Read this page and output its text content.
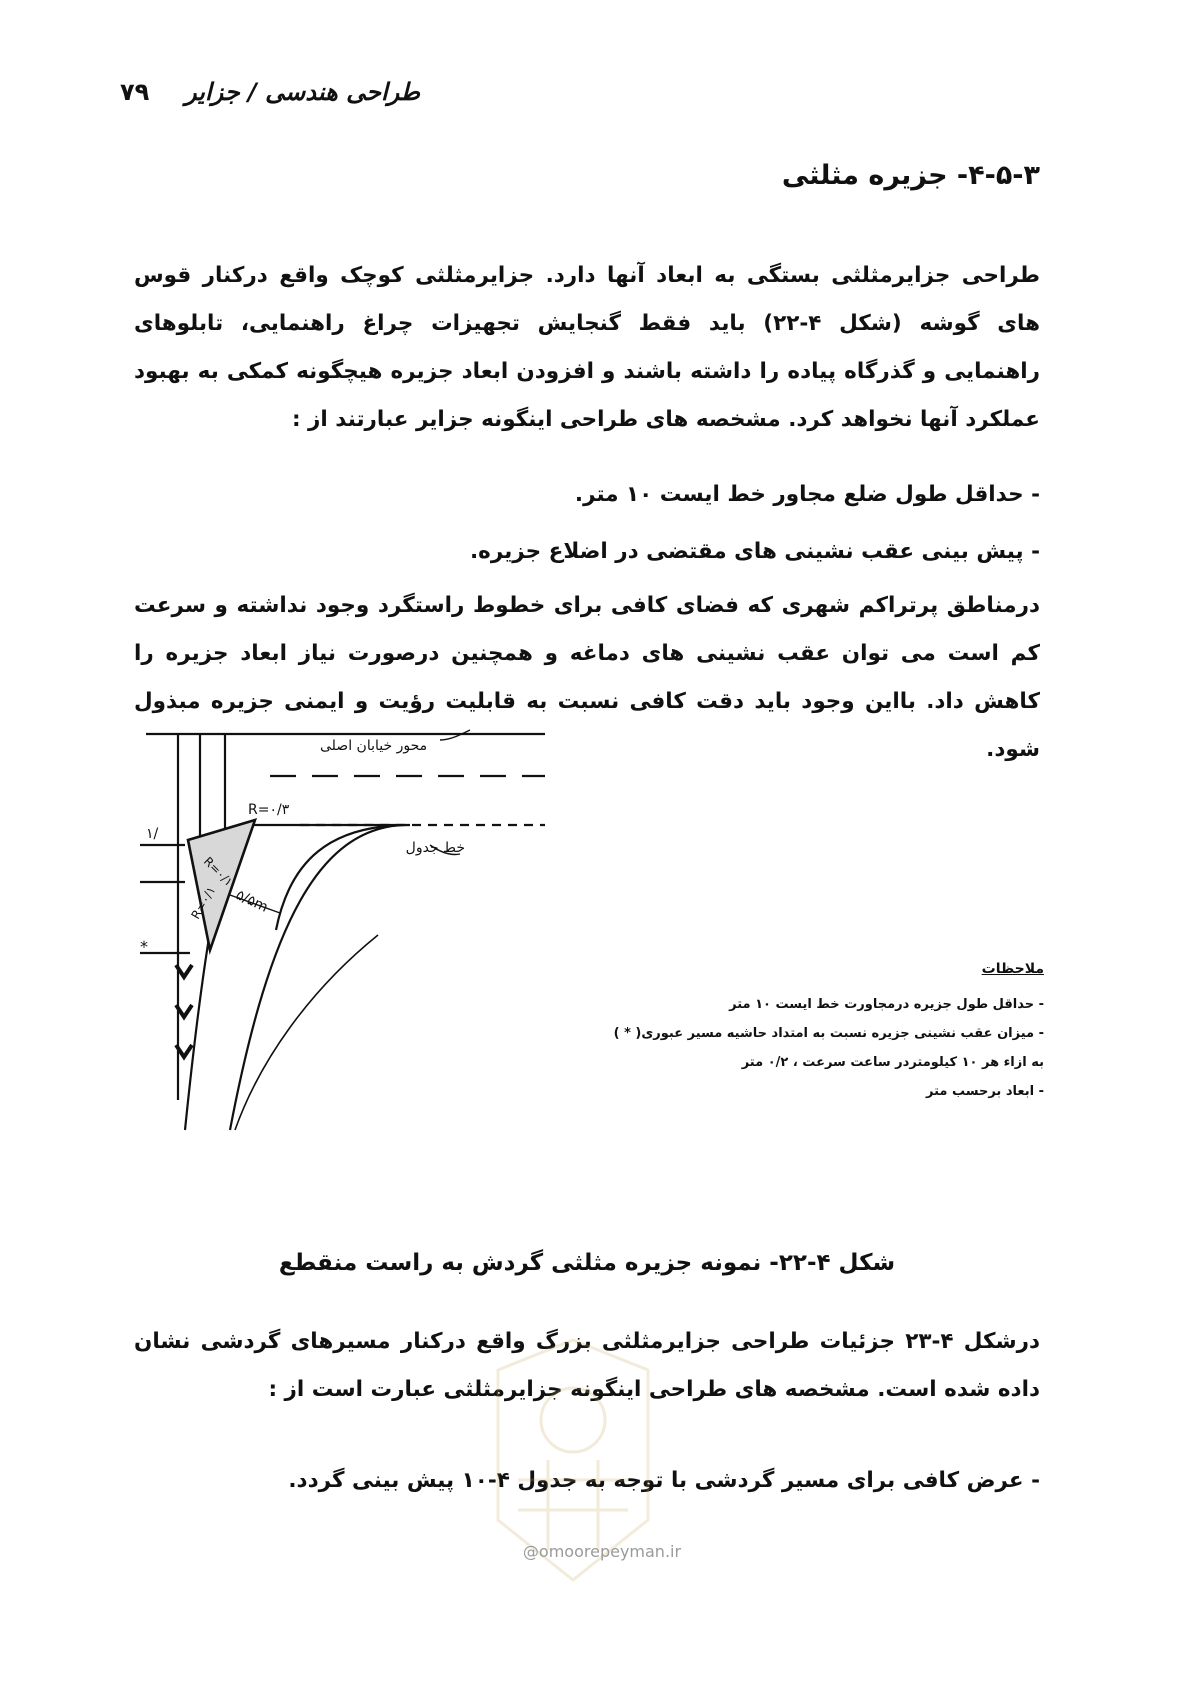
۷۹ طراحی هندسی / جزایر
۴-۵-۳- جزیره مثلثی
طراحی جزایرمثلثی بستگی به ابعاد آنها دارد. جزایرمثلثی کوچک واقع درکنار قوس های گوشه (شکل ۴-۲۲) باید فقط گنجایش تجهیزات چراغ راهنمایی، تابلوهای راهنمایی و گذرگاه پیاده را داشته باشند و افزودن ابعاد جزیره هیچگونه کمکی به بهبود عملکرد آنها نخواهد کرد. مشخصه های طراحی اینگونه جزایر عبارتند از :
- حداقل طول ضلع مجاور خط ایست ۱۰ متر.
- پیش بینی عقب نشینی های مقتضی در اضلاع جزیره.
درمناطق پرتراکم شهری که فضای کافی برای خطوط راستگرد وجود نداشته و سرعت کم است می توان عقب نشینی های دماغه و همچنین درصورت نیاز ابعاد جزیره را کاهش داد. بااین وجود باید دقت کافی نسبت به قابلیت رؤیت و ایمنی جزیره مبذول شود.
محور خیابان اصلی
خط جدول
R=۰/۳
R=۰/۱
R=۰/۱ ۵/۵m
۱/
*
ملاحظات
- حداقل طول جزیره درمجاورت خط ایست ۱۰ متر
- میزان عقب نشینی جزیره نسبت به امتداد حاشیه مسیر عبوری( * )
به ازاء هر ۱۰ کیلومتردر ساعت سرعت ، ۰/۲ متر
- ابعاد برحسب متر
شکل ۴-۲۲- نمونه جزیره مثلثی گردش به راست منقطع
درشکل ۴-۲۳ جزئیات طراحی جزایرمثلثی بزرگ واقع درکنار مسیرهای گردشی نشان داده شده است. مشخصه های طراحی اینگونه جزایرمثلثی عبارت است از :
- عرض کافی برای مسیر گردشی با توجه به جدول ۴-۱۰ پیش بینی گردد.
@omoorepeyman.ir
